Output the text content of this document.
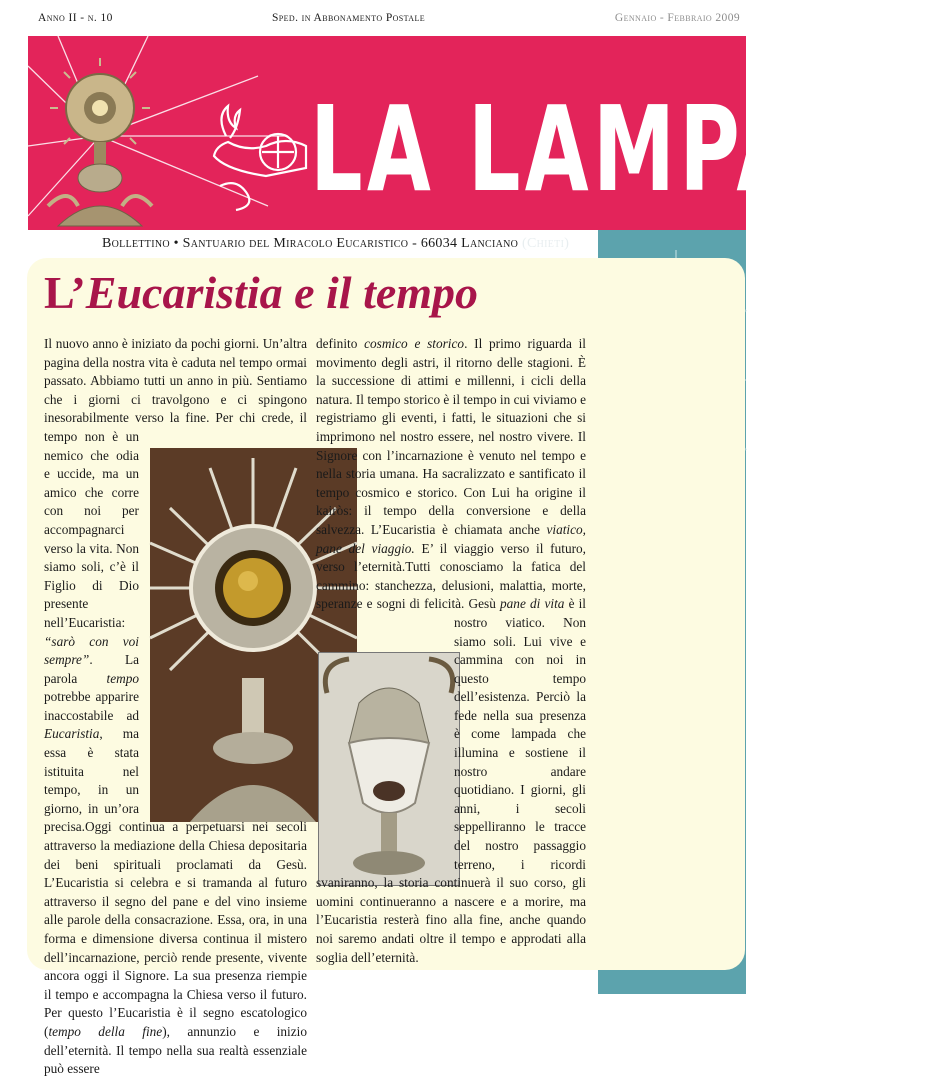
Anno II - n. 10	Sped. in Abbonamento Postale	Gennaio - Febbraio 2009
LA LAMPADA
Bollettino • Santuario del Miracolo Eucaristico - 66034 Lanciano (Chieti)
L’Eucaristia e il tempo

Il nuovo anno è iniziato da pochi giorni. Un’altra pagina della nostra vita è caduta nel tempo ormai passato. Abbiamo tutti un anno in più. Sentiamo che i giorni ci travolgono e ci spingono inesorabilmente verso la fine. Per chi crede, il tempo non è un nemico che odia e uccide, ma un amico che corre con noi per accompagnarci verso la vita. Non siamo soli, c’è il Figlio di Dio presente nell’Eucaristia: “sarò con voi sempre”. La parola tempo potrebbe apparire inaccostabile ad Eucaristia, ma essa è stata istituita nel tempo, in un giorno, in un’ora precisa.Oggi continua a perpetuarsi nei secoli attraverso la mediazione della Chiesa depositaria dei beni spirituali proclamati da Gesù. L’Eucaristia si celebra e si tramanda al futuro attraverso il segno del pane e del vino insieme alle parole della consacrazione. Essa, ora, in una forma e dimensione diversa continua il mistero dell’incarnazione, perciò rende presente, vivente ancora oggi il Signore. La sua presenza riempie il tempo e accompagna la Chiesa verso il futuro. Per questo l’Eucaristia è il segno escatologico (tempo della fine), annunzio e inizio dell’eternità. Il tempo nella sua realtà essenziale può essere

definito cosmico e storico. Il primo riguarda il movimento degli astri, il ritorno delle stagioni. È la successione di attimi e millenni, i cicli della natura. Il tempo storico è il tempo in cui viviamo e registriamo gli eventi, i fatti, le situazioni che si imprimono nel nostro essere, nel nostro vivere. Il Signore con l’incarnazione è venuto nel tempo e nella storia umana. Ha sacralizzato e santificato il tempo cosmico e storico. Con Lui ha origine il kairòs: il tempo della conversione e della salvezza. L’Eucaristia è chiamata anche viatico, pane del viaggio. E’ il viaggio verso il futuro, verso l’eternità.Tutti conosciamo la fatica del cammino: stanchezza, delusioni, malattia, morte, speranze e sogni di felicità. Gesù pane di vita è il nostro viatico. Non siamo soli. Lui vive e cammina con noi in questo tempo dell’esistenza. Perciò la fede nella sua presenza è come lampada che illumina e sostiene il nostro andare quotidiano. I giorni, gli anni, i secoli seppelliranno le tracce del nostro passaggio terreno, i ricordi svaniranno, la storia continuerà il suo corso, gli uomini continueranno a nascere e a morire, ma l’Eucaristia resterà fino alla fine, anche quando noi saremo andati oltre il tempo e approdati alla soglia dell’eternità.
